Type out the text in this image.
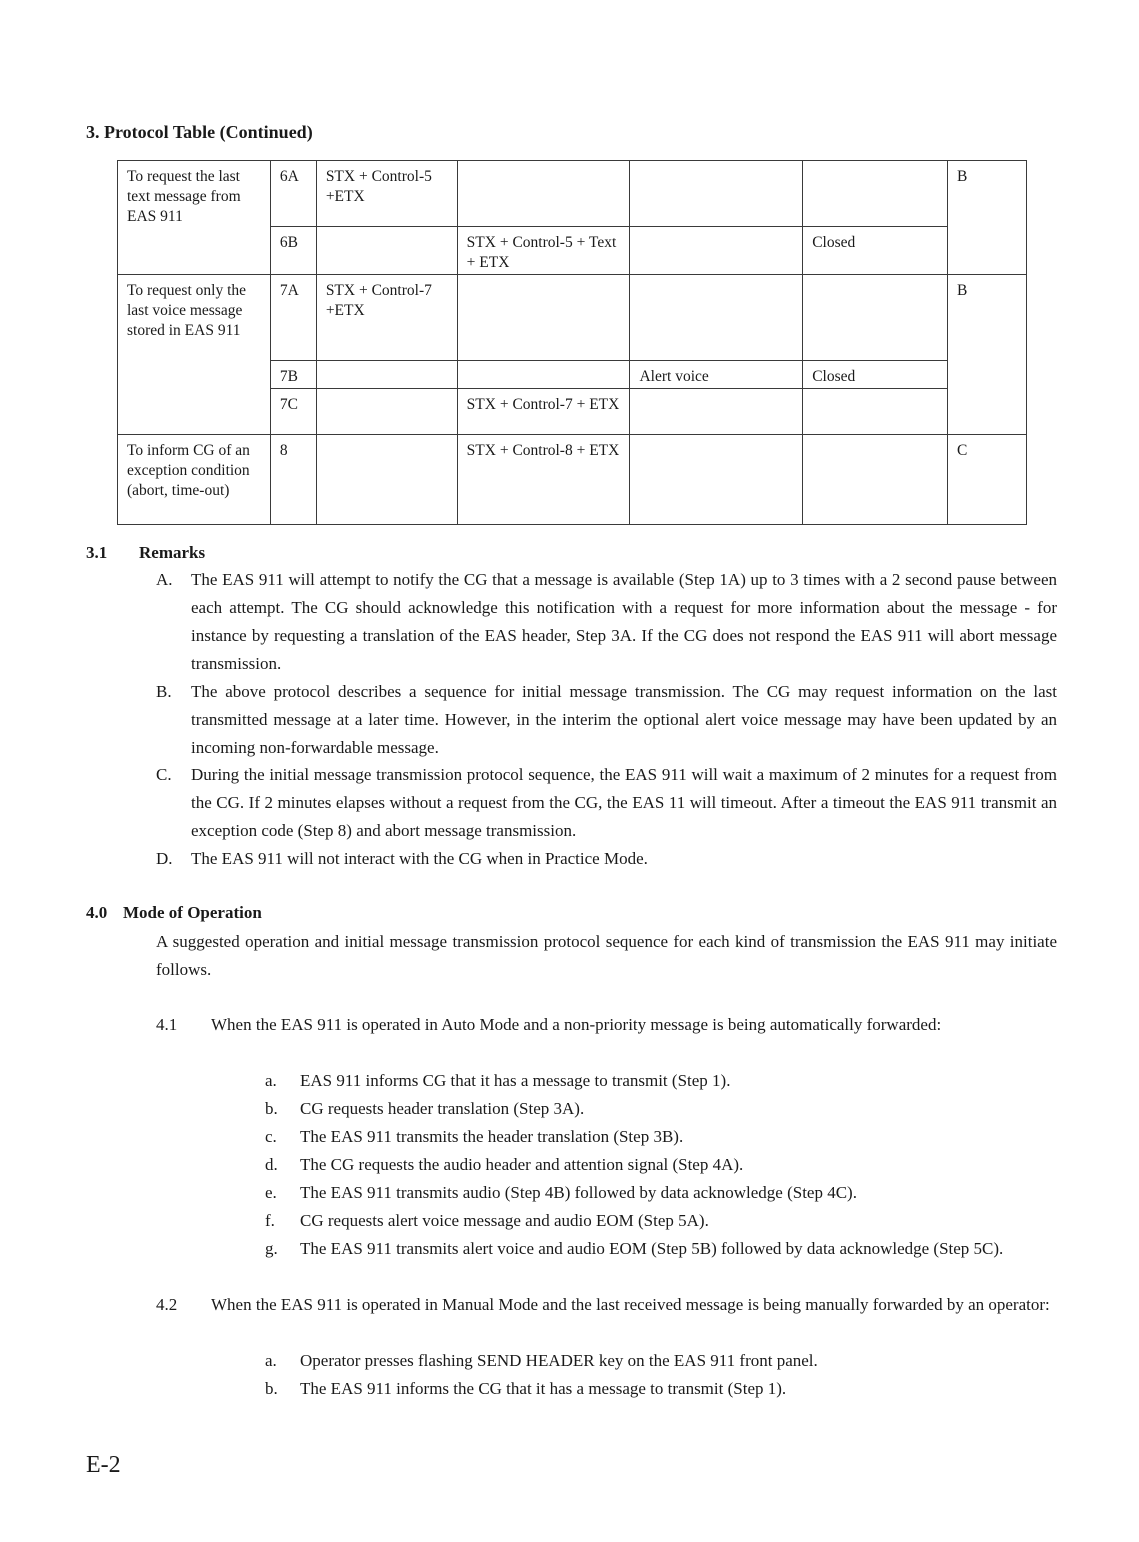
3. Protocol Table (Continued)
To request the last text message from EAS 911	6A	STX + Control-5 +ETX				B
	6B		STX + Control-5 + Text + ETX		Closed	
To request only the last voice message stored in EAS 911	7A	STX + Control-7 +ETX				B
	7B			Alert voice	Closed	
	7C		STX + Control-7 + ETX			
To inform CG of an exception condition (abort, time-out)	8		STX + Control-8 + ETX			C
3.1 Remarks
A. The EAS 911 will attempt to notify the CG that a message is available (Step 1A) up to 3 times with a 2 second pause between each attempt. The CG should acknowledge this notification with a request for more information about the message - for instance by requesting a translation of the EAS header, Step 3A. If the CG does not respond the EAS 911 will abort message transmission.
B. The above protocol describes a sequence for initial message transmission. The CG may request information on the last transmitted message at a later time. However, in the interim the optional alert voice message may have been updated by an incoming non-forwardable message.
C. During the initial message transmission protocol sequence, the EAS 911 will wait a maximum of 2 minutes for a request from the CG. If 2 minutes elapses without a request from the CG, the EAS 11 will timeout. After a timeout the EAS 911 transmit an exception code (Step 8) and abort message transmission.
D. The EAS 911 will not interact with the CG when in Practice Mode.
4.0 Mode of Operation
A suggested operation and initial message transmission protocol sequence for each kind of transmission the EAS 911 may initiate follows.
4.1 When the EAS 911 is operated in Auto Mode and a non-priority message is being automatically forwarded:
a. EAS 911 informs CG that it has a message to transmit (Step 1).
b. CG requests header translation (Step 3A).
c. The EAS 911 transmits the header translation (Step 3B).
d. The CG requests the audio header and attention signal (Step 4A).
e. The EAS 911 transmits audio (Step 4B) followed by data acknowledge (Step 4C).
f. CG requests alert voice message and audio EOM (Step 5A).
g. The EAS 911 transmits alert voice and audio EOM (Step 5B) followed by data acknowledge (Step 5C).
4.2 When the EAS 911 is operated in Manual Mode and the last received message is being manually forwarded by an operator:
a. Operator presses flashing SEND HEADER key on the EAS 911 front panel.
b. The EAS 911 informs the CG that it has a message to transmit (Step 1).
E-2
